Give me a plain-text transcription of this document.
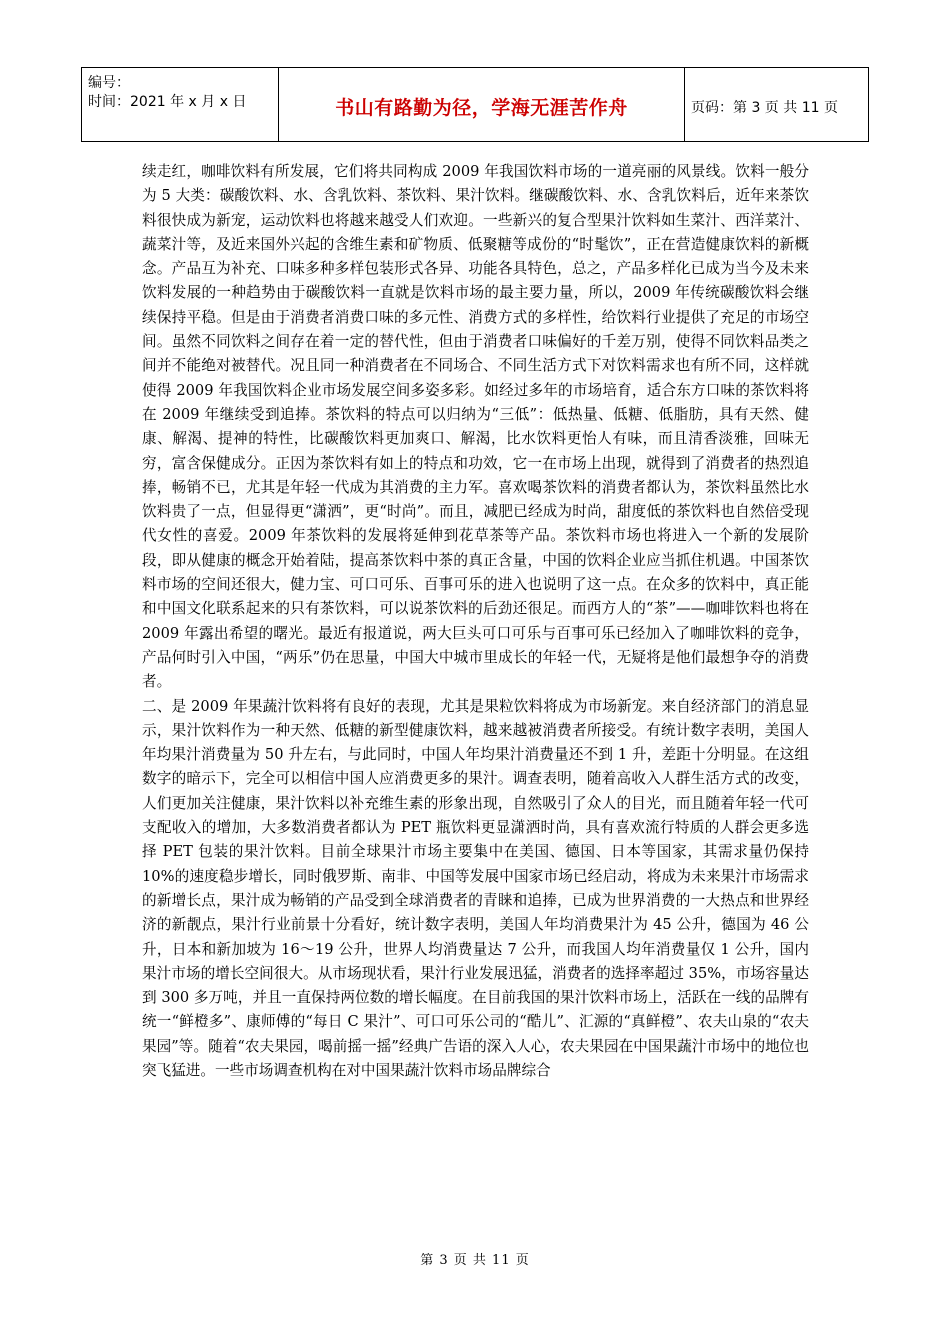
编号：
时间：2021 年 x 月 x 日	书山有路勤为径，学海无涯苦作舟	页码：第 3 页 共 11 页

续走红，咖啡饮料有所发展，它们将共同构成 2009 年我国饮料市场的一道亮丽的风景线。饮料一般分为 5 大类：碳酸饮料、水、含乳饮料、茶饮料、果汁饮料。继碳酸饮料、水、含乳饮料后，近年来茶饮料很快成为新宠，运动饮料也将越来越受人们欢迎。一些新兴的复合型果汁饮料如生菜汁、西洋菜汁、蔬菜汁等，及近来国外兴起的含维生素和矿物质、低聚糖等成份的“时髦饮”，正在营造健康饮料的新概念。产品互为补充、口味多种多样包装形式各异、功能各具特色，总之，产品多样化已成为当今及未来饮料发展的一种趋势由于碳酸饮料一直就是饮料市场的最主要力量，所以，2009 年传统碳酸饮料会继续保持平稳。但是由于消费者消费口味的多元性、消费方式的多样性，给饮料行业提供了充足的市场空间。虽然不同饮料之间存在着一定的替代性，但由于消费者口味偏好的千差万别，使得不同饮料品类之间并不能绝对被替代。况且同一种消费者在不同场合、不同生活方式下对饮料需求也有所不同，这样就使得 2009 年我国饮料企业市场发展空间多姿多彩。如经过多年的市场培育，适合东方口味的茶饮料将在 2009 年继续受到追捧。茶饮料的特点可以归纳为“三低”：低热量、低糖、低脂肪，具有天然、健康、解渴、提神的特性，比碳酸饮料更加爽口、解渴，比水饮料更怡人有味，而且清香淡雅，回味无穷，富含保健成分。正因为茶饮料有如上的特点和功效，它一在市场上出现，就得到了消费者的热烈追捧，畅销不已，尤其是年轻一代成为其消费的主力军。喜欢喝茶饮料的消费者都认为，茶饮料虽然比水饮料贵了一点，但显得更“潇洒”，更“时尚”。而且，减肥已经成为时尚，甜度低的茶饮料也自然倍受现代女性的喜爱。2009 年茶饮料的发展将延伸到花草茶等产品。茶饮料市场也将进入一个新的发展阶段，即从健康的概念开始着陆，提高茶饮料中茶的真正含量，中国的饮料企业应当抓住机遇。中国茶饮料市场的空间还很大，健力宝、可口可乐、百事可乐的进入也说明了这一点。在众多的饮料中，真正能和中国文化联系起来的只有茶饮料，可以说茶饮料的后劲还很足。而西方人的“茶”——咖啡饮料也将在 2009 年露出希望的曙光。最近有报道说，两大巨头可口可乐与百事可乐已经加入了咖啡饮料的竞争，产品何时引入中国，“两乐”仍在思量，中国大中城市里成长的年轻一代，无疑将是他们最想争夺的消费者。

二、是 2009 年果蔬汁饮料将有良好的表现，尤其是果粒饮料将成为市场新宠。来自经济部门的消息显示，果汁饮料作为一种天然、低糖的新型健康饮料，越来越被消费者所接受。有统计数字表明，美国人年均果汁消费量为 50 升左右，与此同时，中国人年均果汁消费量还不到 1 升，差距十分明显。在这组数字的暗示下，完全可以相信中国人应消费更多的果汁。调查表明，随着高收入人群生活方式的改变，人们更加关注健康，果汁饮料以补充维生素的形象出现，自然吸引了众人的目光，而且随着年轻一代可支配收入的增加，大多数消费者都认为 PET 瓶饮料更显潇洒时尚，具有喜欢流行特质的人群会更多选择 PET 包装的果汁饮料。目前全球果汁市场主要集中在美国、德国、日本等国家，其需求量仍保持 10%的速度稳步增长，同时俄罗斯、南非、中国等发展中国家市场已经启动，将成为未来果汁市场需求的新增长点，果汁成为畅销的产品受到全球消费者的青睐和追捧，已成为世界消费的一大热点和世界经济的新靓点，果汁行业前景十分看好，统计数字表明，美国人年均消费果汁为 45 公升，德国为 46 公升，日本和新加坡为 16～19 公升，世界人均消费量达 7 公升，而我国人均年消费量仅 1 公升，国内果汁市场的增长空间很大。从市场现状看，果汁行业发展迅猛，消费者的选择率超过 35%，市场容量达到 300 多万吨，并且一直保持两位数的增长幅度。在目前我国的果汁饮料市场上，活跃在一线的品牌有统一“鲜橙多”、康师傅的“每日 C 果汁”、可口可乐公司的“酷儿”、汇源的“真鲜橙”、农夫山泉的“农夫果园”等。随着“农夫果园，喝前摇一摇”经典广告语的深入人心，农夫果园在中国果蔬汁市场中的地位也突飞猛进。一些市场调查机构在对中国果蔬汁饮料市场品牌综合

第 3 页 共 11 页
